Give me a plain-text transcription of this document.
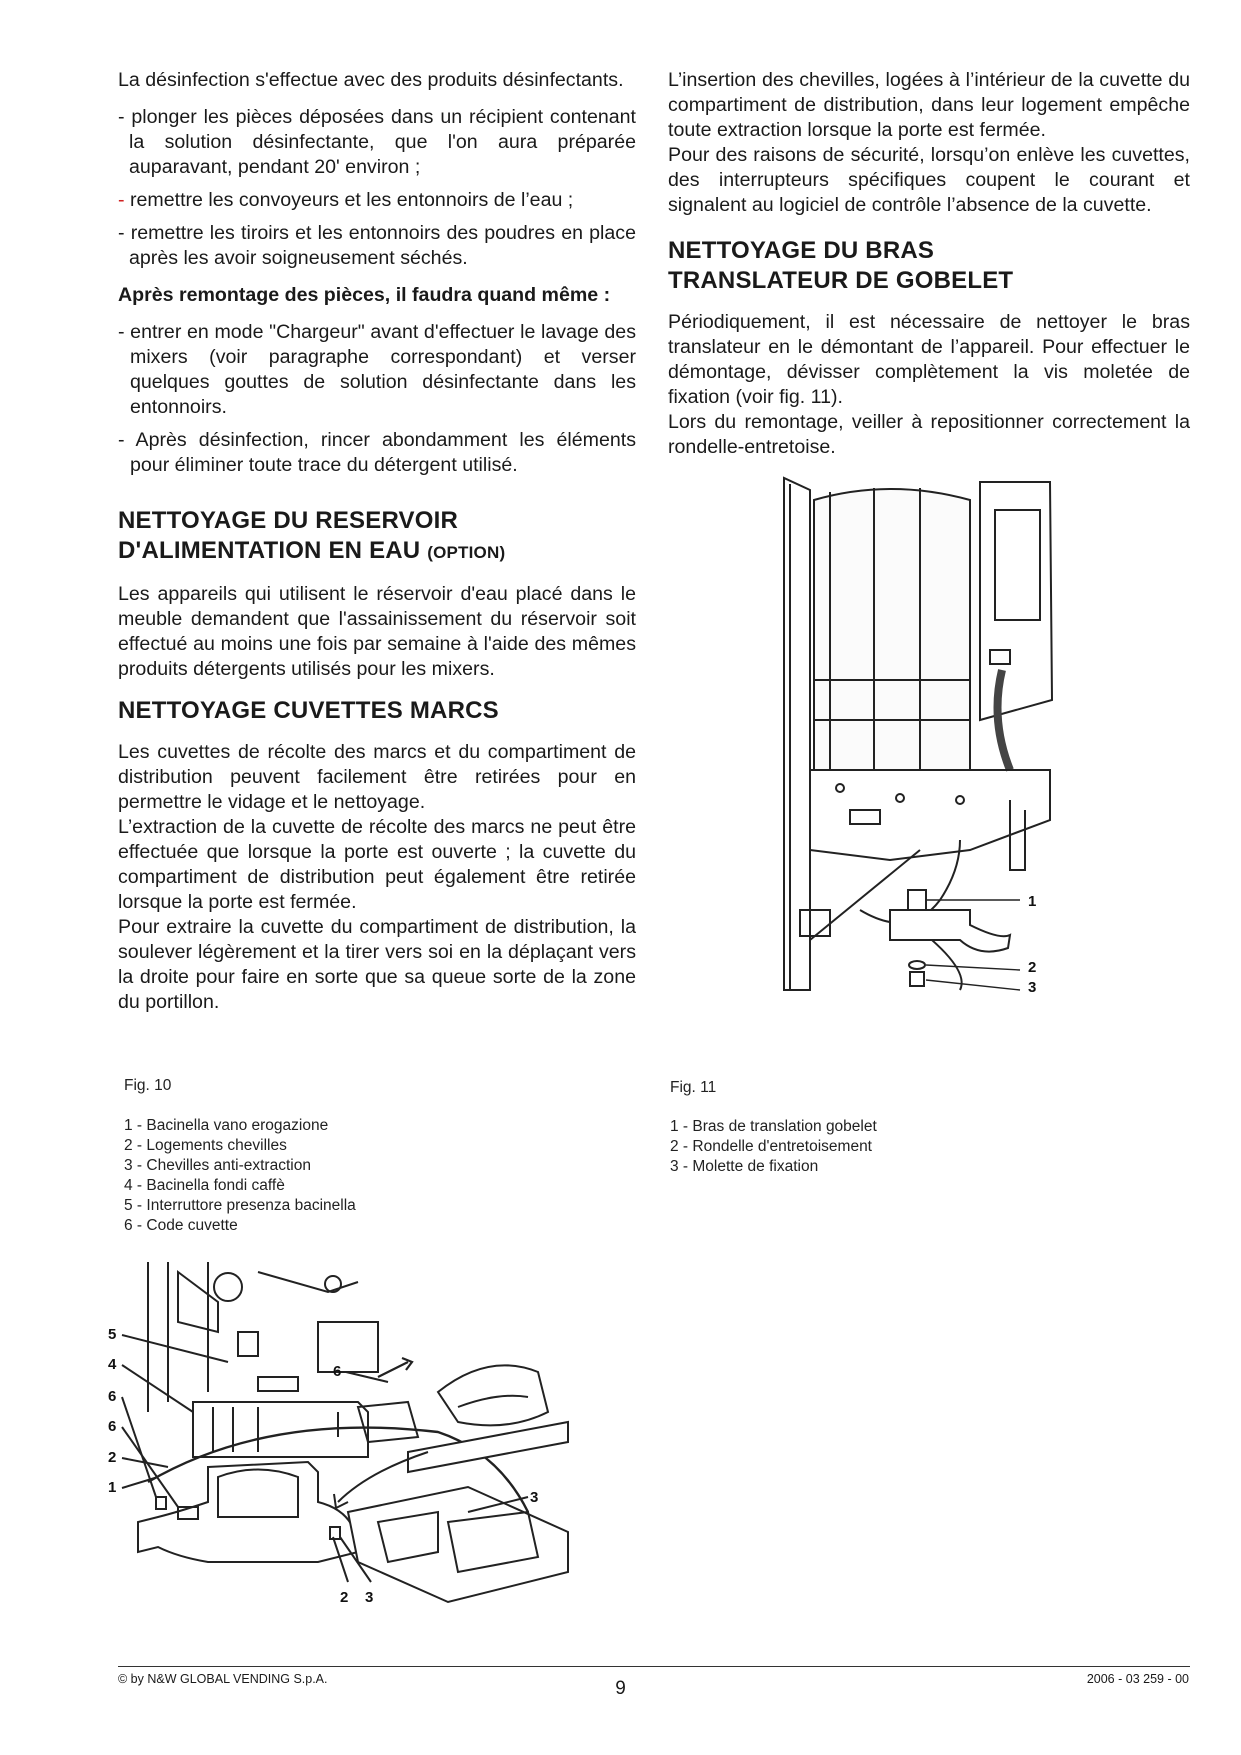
La désinfection s'effectue avec des produits désinfectants.

- plonger les pièces déposées dans un récipient contenant la solution désinfectante, que l'on aura préparée auparavant, pendant 20' environ ;

- remettre les convoyeurs et les entonnoirs de l’eau ;

- remettre les tiroirs et les entonnoirs des poudres en place après les avoir soigneusement séchés.

Après remontage des pièces, il faudra quand même :

- entrer en mode "Chargeur" avant d'effectuer le lavage des mixers (voir paragraphe correspondant) et verser quelques gouttes de solution désinfectante dans les entonnoirs.

- Après désinfection, rincer abondamment les éléments pour éliminer toute trace du détergent utilisé.

NETTOYAGE DU RESERVOIR
D'ALIMENTATION EN EAU (OPTION)

Les appareils qui utilisent le réservoir d'eau placé dans le meuble demandent que l'assainissement du réservoir soit effectué au moins une fois par semaine à l'aide des mêmes produits détergents utilisés pour les mixers.

NETTOYAGE CUVETTES MARCS

Les cuvettes de récolte des marcs et du compartiment de distribution peuvent facilement être retirées pour en permettre le vidage et le nettoyage.

L’extraction de la cuvette de récolte des marcs ne peut être effectuée que lorsque la porte est ouverte ; la cuvette du compartiment de distribution peut également être retirée lorsque la porte est fermée.

Pour extraire la cuvette du compartiment de distribution, la soulever légèrement et la tirer vers soi en la déplaçant vers la droite pour faire en sorte que sa queue sorte de la zone du portillon.

L’insertion des chevilles, logées à l’intérieur de la cuvette du compartiment de distribution, dans leur logement empêche toute extraction lorsque la porte est fermée.

Pour des raisons de sécurité, lorsqu’on enlève les cuvettes, des interrupteurs spécifiques coupent le courant et signalent au logiciel de contrôle l’absence de la cuvette.

NETTOYAGE DU BRAS
TRANSLATEUR DE GOBELET

Périodiquement, il est nécessaire de nettoyer le bras translateur en le démontant de l’appareil. Pour effectuer le démontage, dévisser complètement la vis moletée de fixation (voir fig. 11).

Lors du remontage, veiller à repositionner correctement la rondelle-entretoise.

1
2
3
Fig. 10
1 - Bacinella vano erogazione
2 - Logements chevilles
3 - Chevilles anti-extraction
4 - Bacinella fondi caffè
5 - Interruttore presenza bacinella
6 - Code cuvette
Fig. 11
1 - Bras de translation gobelet
2 - Rondelle d'entretoisement
3 - Molette de fixation
5
4
6
6
2
1
6
3
2 3
© by N&W GLOBAL VENDING S.p.A.	9	2006 - 03 259 - 00
